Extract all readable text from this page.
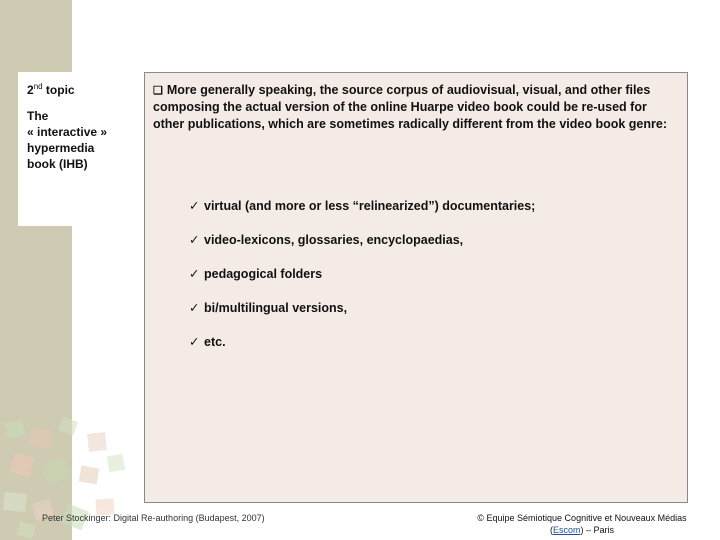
2nd topic
The
« interactive »
hypermedia
book (IHB)

❏ More generally speaking, the source corpus of audiovisual, visual, and other files composing the actual version of the online Huarpe video book could be re-used for other publications, which are sometimes radically different from the video book genre:

✓ virtual (and more or less “relinearized”) documentaries;
✓ video-lexicons, glossaries, encyclopaedias,
✓ pedagogical folders
✓ bi/multilingual versions,
✓ etc.
Peter Stockinger: Digital Re-authoring (Budapest, 2007)	© Equipe Sémiotique Cognitive et Nouveaux Médias
(Escom) – Paris
